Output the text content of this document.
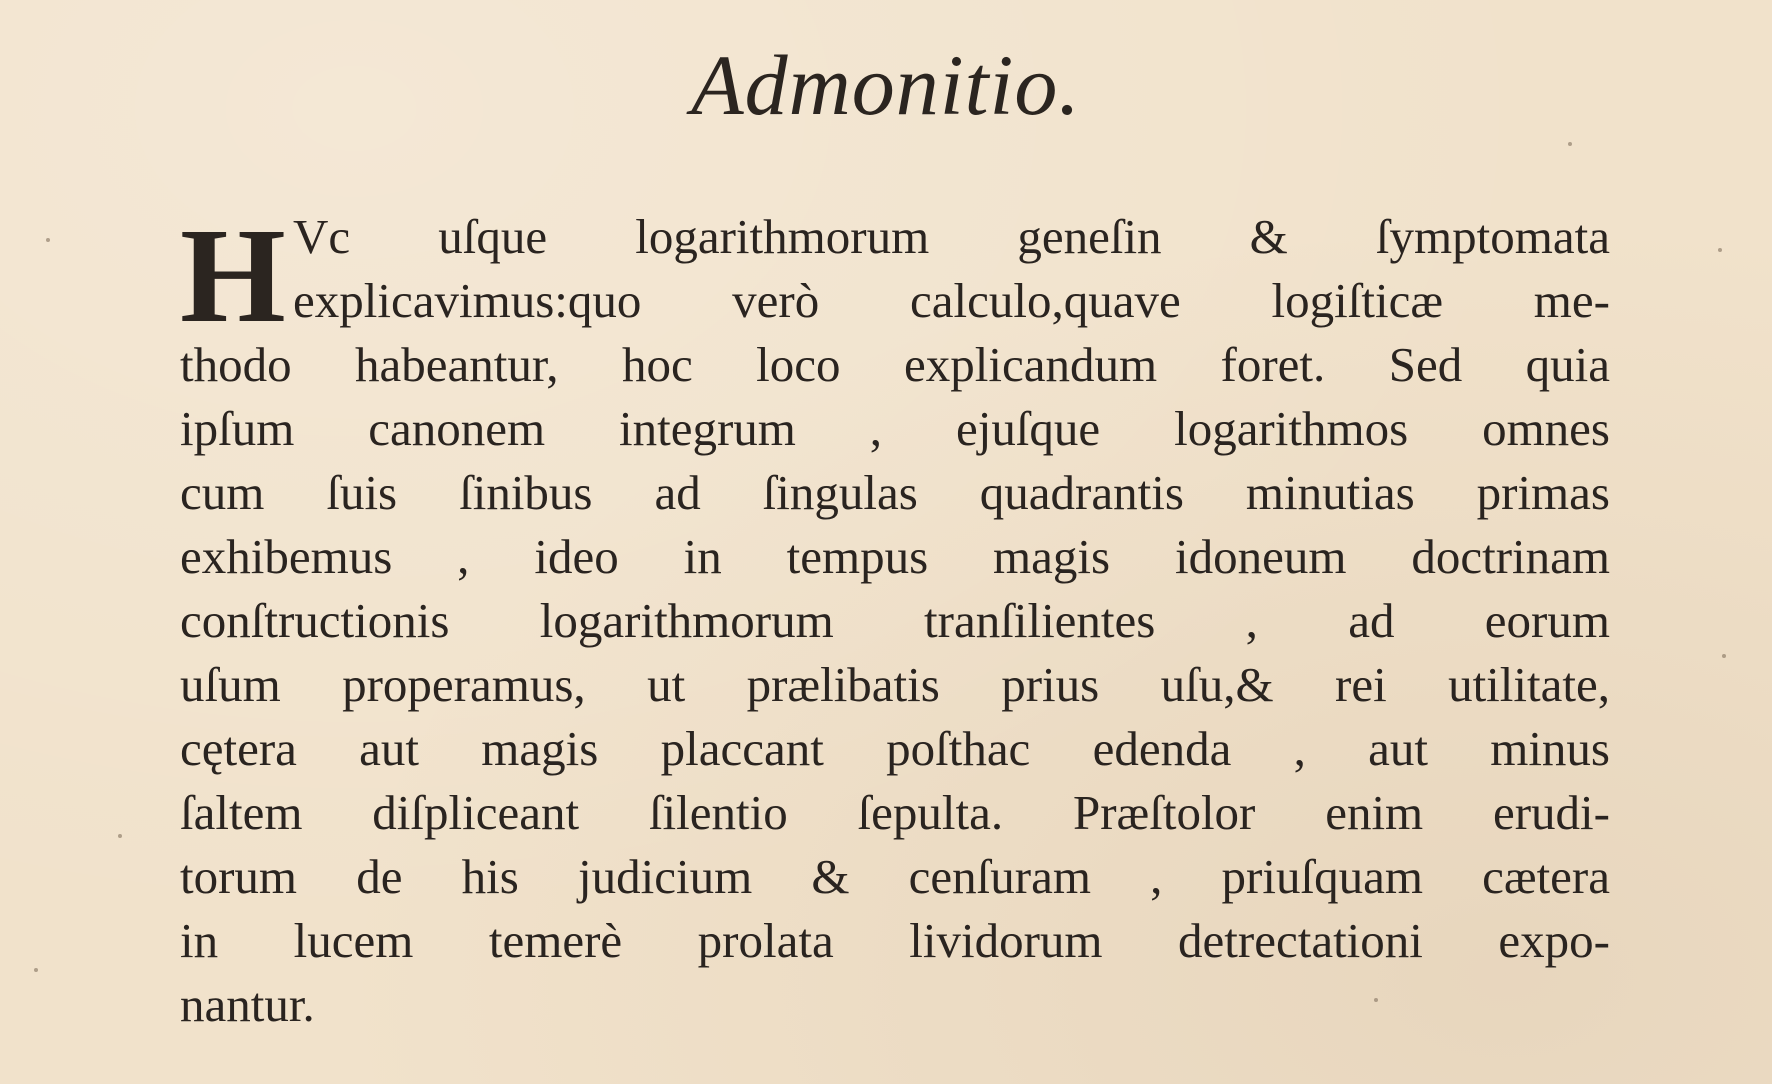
Admonitio.
H Vc uſque logarithmorum geneſin & ſymptomata
explicavimus:quo verò calculo,quave logiſticæ me-
thodo habeantur, hoc loco explicandum foret. Sed quia
ipſum canonem integrum , ejuſque logarithmos omnes
cum ſuis ſinibus ad ſingulas quadrantis minutias primas
exhibemus , ideo in tempus magis idoneum doctrinam
conſtructionis logarithmorum tranſilientes , ad eorum
uſum properamus, ut prælibatis prius uſu,& rei utilitate,
cętera aut magis placcant poſthac edenda , aut minus
ſaltem diſpliceant ſilentio ſepulta. Præſtolor enim erudi-
torum de his judicium & cenſuram , priuſquam cætera
in lucem temerè prolata lividorum detrectationi expo-
nantur.
